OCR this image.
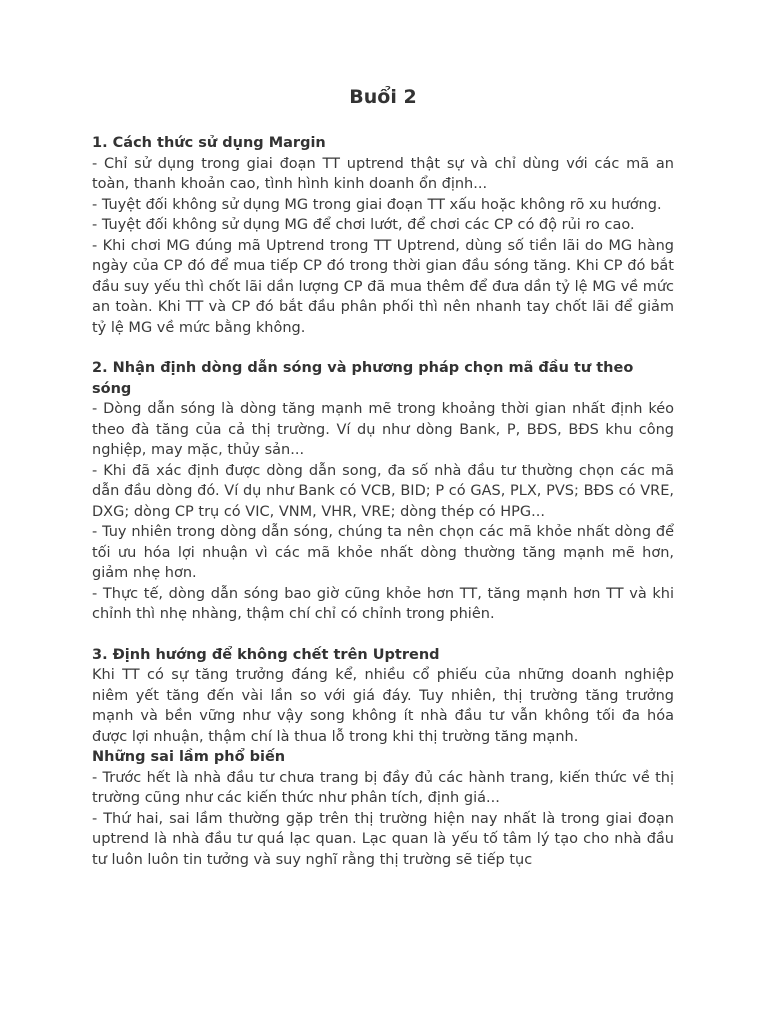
Buổi 2

1. Cách thức sử dụng Margin

- Chỉ sử dụng trong giai đoạn TT uptrend thật sự và chỉ dùng với các mã an toàn, thanh khoản cao, tình hình kinh doanh ổn định...

- Tuyệt đối không sử dụng MG trong giai đoạn TT xấu hoặc không rõ xu hướng.

- Tuyệt đối không sử dụng MG để chơi lướt, để chơi các CP có độ rủi ro cao.

- Khi chơi MG đúng mã Uptrend trong TT Uptrend, dùng số tiền lãi do MG hàng ngày của CP đó để mua tiếp CP đó trong thời gian đầu sóng tăng. Khi CP đó bắt đầu suy yếu thì chốt lãi dần lượng CP đã mua thêm để đưa dần tỷ lệ MG về mức an toàn. Khi TT và CP đó bắt đầu phân phối thì nên nhanh tay chốt lãi để giảm tỷ lệ MG về mức bằng không.

2. Nhận định dòng dẫn sóng và phương pháp chọn mã đầu tư theo sóng

- Dòng dẫn sóng là dòng tăng mạnh mẽ trong khoảng thời gian nhất định kéo theo đà tăng của cả thị trường. Ví dụ như dòng Bank, P, BĐS, BĐS khu công nghiệp, may mặc, thủy sản...

- Khi đã xác định được dòng dẫn song, đa số nhà đầu tư thường chọn các mã dẫn đầu dòng đó. Ví dụ như Bank có VCB, BID; P có GAS, PLX, PVS; BĐS có VRE, DXG; dòng CP trụ có VIC, VNM, VHR, VRE; dòng thép có HPG...

- Tuy nhiên trong dòng dẫn sóng, chúng ta nên chọn các mã khỏe nhất dòng để tối ưu hóa lợi nhuận vì các mã khỏe nhất dòng thường tăng mạnh mẽ hơn, giảm nhẹ hơn.

- Thực tế, dòng dẫn sóng bao giờ cũng khỏe hơn TT, tăng mạnh hơn TT và khi chỉnh thì nhẹ nhàng, thậm chí chỉ có chỉnh trong phiên.

3. Định hướng để không chết trên Uptrend

Khi TT có sự tăng trưởng đáng kể, nhiều cổ phiếu của những doanh nghiệp niêm yết tăng đến vài lần so với giá đáy. Tuy nhiên, thị trường tăng trưởng mạnh và bền vững như vậy song không ít nhà đầu tư vẫn không tối đa hóa được lợi nhuận, thậm chí là thua lỗ trong khi thị trường tăng mạnh.

Những sai lầm phổ biến

- Trước hết là nhà đầu tư chưa trang bị đầy đủ các hành trang, kiến thức về thị trường cũng như các kiến thức như phân tích, định giá...

- Thứ hai, sai lầm thường gặp trên thị trường hiện nay nhất là trong giai đoạn uptrend là nhà đầu tư quá lạc quan. Lạc quan là yếu tố tâm lý tạo cho nhà đầu tư luôn luôn tin tưởng và suy nghĩ rằng thị trường sẽ tiếp tục
